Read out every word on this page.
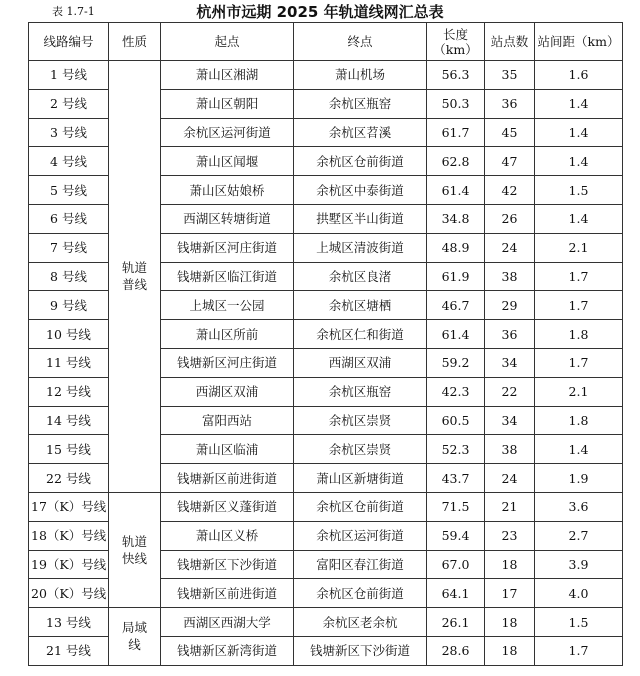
表 1.7-1	杭州市远期 2025 年轨道线网汇总表
线路编号	性质	起点	终点	长度（km）	站点数	站间距（km）
1 号线	轨道普线	萧山区湘湖	萧山机场	56.3	35	1.6
2 号线		萧山区朝阳	余杭区瓶窑	50.3	36	1.4
3 号线		余杭区运河街道	余杭区苕溪	61.7	45	1.4
4 号线		萧山区闻堰	余杭区仓前街道	62.8	47	1.4
5 号线		萧山区姑娘桥	余杭区中泰街道	61.4	42	1.5
6 号线		西湖区转塘街道	拱墅区半山街道	34.8	26	1.4
7 号线		钱塘新区河庄街道	上城区清波街道	48.9	24	2.1
8 号线		钱塘新区临江街道	余杭区良渚	61.9	38	1.7
9 号线		上城区一公园	余杭区塘栖	46.7	29	1.7
10 号线		萧山区所前	余杭区仁和街道	61.4	36	1.8
11 号线		钱塘新区河庄街道	西湖区双浦	59.2	34	1.7
12 号线		西湖区双浦	余杭区瓶窑	42.3	22	2.1
14 号线		富阳西站	余杭区崇贤	60.5	34	1.8
15 号线		萧山区临浦	余杭区崇贤	52.3	38	1.4
22 号线		钱塘新区前进街道	萧山区新塘街道	43.7	24	1.9
17（K）号线	轨道快线	钱塘新区义蓬街道	余杭区仓前街道	71.5	21	3.6
18（K）号线		萧山区义桥	余杭区运河街道	59.4	23	2.7
19（K）号线		钱塘新区下沙街道	富阳区春江街道	67.0	18	3.9
20（K）号线		钱塘新区前进街道	余杭区仓前街道	64.1	17	4.0
13 号线	局域线	西湖区西湖大学	余杭区老余杭	26.1	18	1.5
21 号线		钱塘新区新湾街道	钱塘新区下沙街道	28.6	18	1.7
